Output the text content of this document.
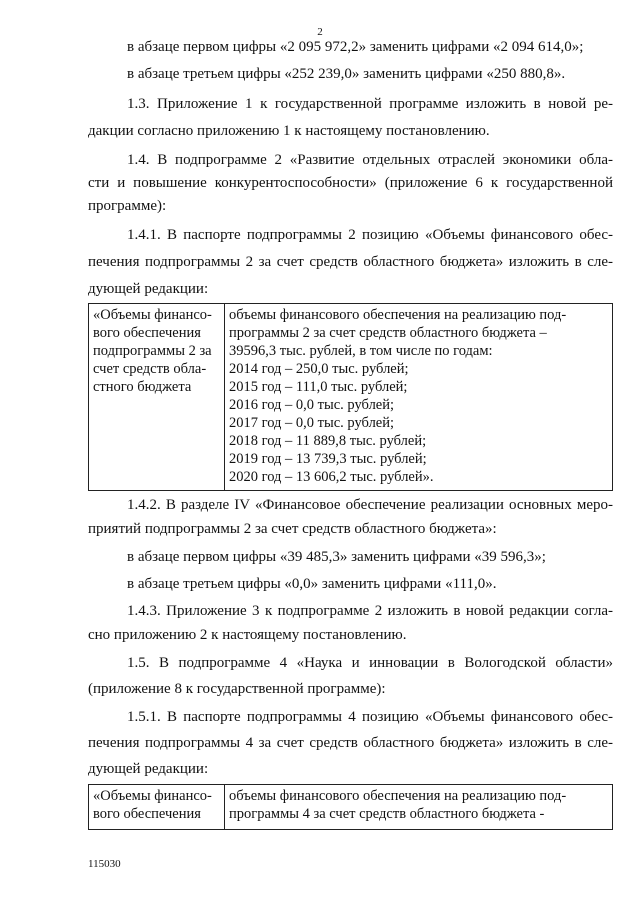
2
в абзаце первом цифры «2 095 972,2» заменить цифрами «2 094 614,0»;
в абзаце третьем цифры «252 239,0» заменить цифрами «250 880,8».
1.3. Приложение 1 к государственной программе изложить в новой ре-
дакции согласно приложению 1 к настоящему постановлению.
1.4. В подпрограмме 2 «Развитие отдельных отраслей экономики обла-
сти и повышение конкурентоспособности» (приложение 6 к государственной
программе):
1.4.1. В паспорте подпрограммы 2 позицию «Объемы финансового обес-
печения подпрограммы 2 за счет средств областного бюджета» изложить в сле-
дующей редакции:
«Объемы финансо-
вого обеспечения
подпрограммы 2 за
счет средств обла-
стного бюджета

объемы финансового обеспечения на реализацию под-
программы 2 за счет средств областного бюджета –
39596,3 тыс. рублей, в том числе по годам:
2014 год – 250,0 тыс. рублей;
2015 год – 111,0 тыс. рублей;
2016 год – 0,0 тыс. рублей;
2017 год – 0,0 тыс. рублей;
2018 год – 11 889,8 тыс. рублей;
2019 год – 13 739,3 тыс. рублей;
2020 год – 13 606,2 тыс. рублей».
1.4.2. В разделе IV «Финансовое обеспечение реализации основных меро-
приятий подпрограммы 2 за счет средств областного бюджета»:
в абзаце первом цифры «39 485,3» заменить цифрами «39 596,3»;
в абзаце третьем цифры «0,0» заменить цифрами «111,0».
1.4.3. Приложение 3 к подпрограмме 2 изложить в новой редакции согла-
сно приложению 2 к настоящему постановлению.
1.5. В подпрограмме 4 «Наука и инновации в Вологодской области»
(приложение 8 к государственной программе):
1.5.1. В паспорте подпрограммы 4 позицию «Объемы финансового обес-
печения подпрограммы 4 за счет средств областного бюджета» изложить в сле-
дующей редакции:
«Объемы финансо-
вого обеспечения

объемы финансового обеспечения на реализацию под-
программы 4 за счет средств областного бюджета -
115030
